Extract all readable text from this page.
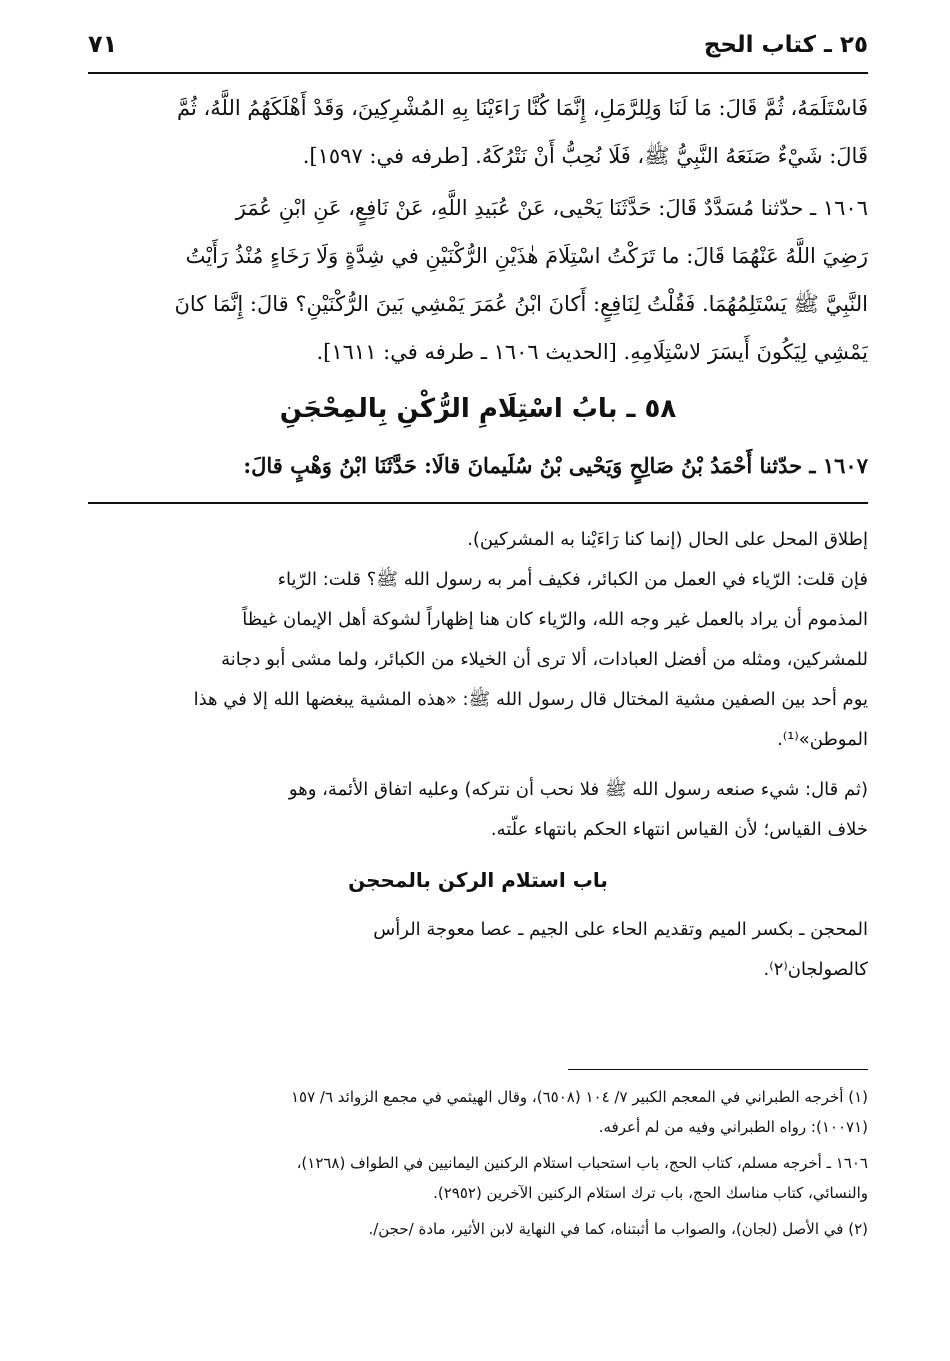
٢٥ ـ كتاب الحج
٧١
فَاسْتَلَمَهُ، ثُمَّ قَالَ: مَا لَنَا وَلِلرَّمَلِ، إِنَّمَا كُنَّا رَاءَيْنَا بِهِ المُشْرِكِينَ، وَقَدْ أَهْلَكَهُمُ اللَّهُ، ثُمَّ
قَالَ: شَيْءٌ صَنَعَهُ النَّبِيُّ ﷺ، فَلَا نُحِبُّ أَنْ نَتْرُكَهُ. [طرفه في: ١٥٩٧].
١٦٠٦ ـ حدّثنا مُسَدَّدٌ قَالَ: حَدَّثَنَا يَحْيى، عَنْ عُبَيدِ اللَّهِ، عَنْ نَافِعٍ، عَنِ ابْنِ عُمَرَ
رَضِيَ اللَّهُ عَنْهُمَا قَالَ: ما تَرَكْتُ اسْتِلَامَ هٰذَيْنِ الرُّكْنَيْنِ في شِدَّةٍ وَلَا رَخَاءٍ مُنْذُ رَأَيْتُ
النَّبِيَّ ﷺ يَسْتَلِمُهُمَا. فَقُلْتُ لِنَافِعٍ: أَكانَ ابْنُ عُمَرَ يَمْشِي بَينَ الرُّكْنَيْنِ؟ قالَ: إِنَّمَا كانَ
يَمْشِي لِيَكُونَ أَيسَرَ لاسْتِلَامِهِ. [الحديث ١٦٠٦ ـ طرفه في: ١٦١١].
٥٨ ـ بابُ اسْتِلَامِ الرُّكْنِ بِالمِحْجَنِ
١٦٠٧ ـ حدّثنا أَحْمَدُ بْنُ صَالِحٍ وَيَحْيى بْنُ سُلَيمانَ قالَا: حَدَّثَنَا ابْنُ وَهْبٍ قالَ:
إطلاق المحل على الحال (إنما كنا رَاءَيْنا به المشركين).
فإن قلت: الرّياء في العمل من الكبائر، فكيف أمر به رسول الله ﷺ؟ قلت: الرّياء
المذموم أن يراد بالعمل غير وجه الله، والرّياء كان هنا إظهاراً لشوكة أهل الإيمان غيظاً
للمشركين، ومثله من أفضل العبادات، ألا ترى أن الخيلاء من الكبائر، ولما مشى أبو دجانة
يوم أحد بين الصفين مشية المختال قال رسول الله ﷺ: «هذه المشية يبغضها الله إلا في هذا
الموطن»⁽¹⁾.
(ثم قال: شيء صنعه رسول الله ﷺ فلا نحب أن نتركه) وعليه اتفاق الأئمة، وهو
خلاف القياس؛ لأن القياس انتهاء الحكم بانتهاء علّته.
باب استلام الركن بالمحجن
المحجن ـ بكسر الميم وتقديم الحاء على الجيم ـ عصا معوجة الرأس
كالصولجان⁽٢⁾.
(١) أخرجه الطبراني في المعجم الكبير ٧/ ١٠٤ (٦٥٠٨)، وقال الهيثمي في مجمع الزوائد ٦/ ١٥٧
(١٠٠٧١): رواه الطبراني وفيه من لم أعرفه.
١٦٠٦ ـ أخرجه مسلم، كتاب الحج، باب استحباب استلام الركنين اليمانيين في الطواف (١٢٦٨)،
والنسائي، كتاب مناسك الحج، باب ترك استلام الركنين الآخرين (٢٩٥٢).
(٢) في الأصل (لجان)، والصواب ما أثبتناه، كما في النهاية لابن الأثير، مادة /حجن/.
